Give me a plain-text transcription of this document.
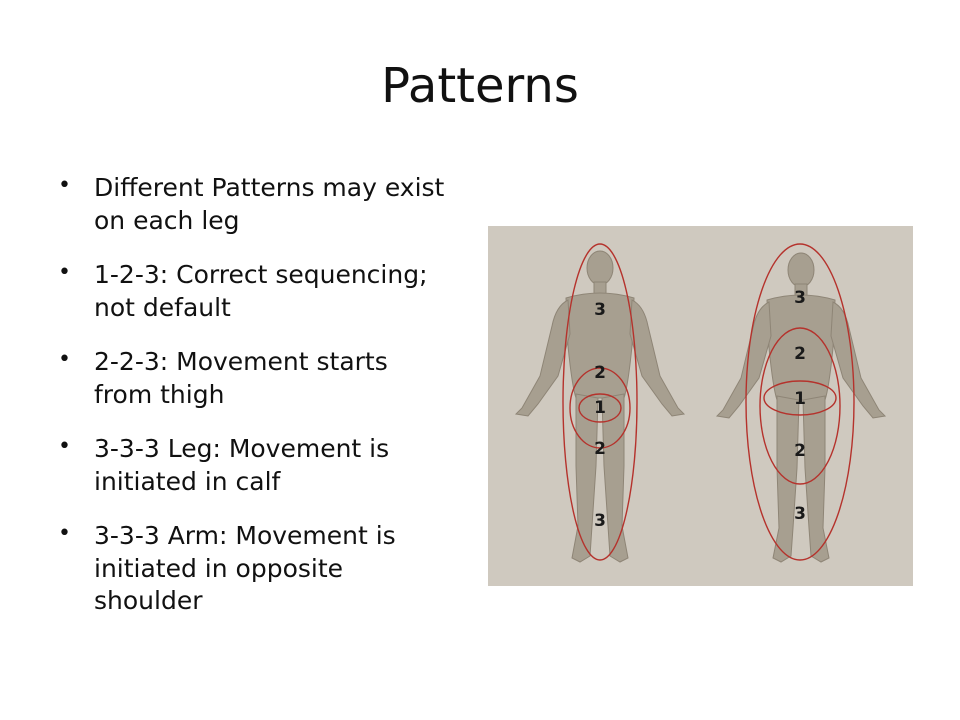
Patterns
• Different Patterns may exist on each leg
• 1-2-3: Correct sequencing; not default
• 2-2-3: Movement starts from thigh
• 3-3-3 Leg: Movement is initiated in calf
• 3-3-3 Arm: Movement is initiated in opposite shoulder
3
2
1
2
3
3
2
1
2
3
